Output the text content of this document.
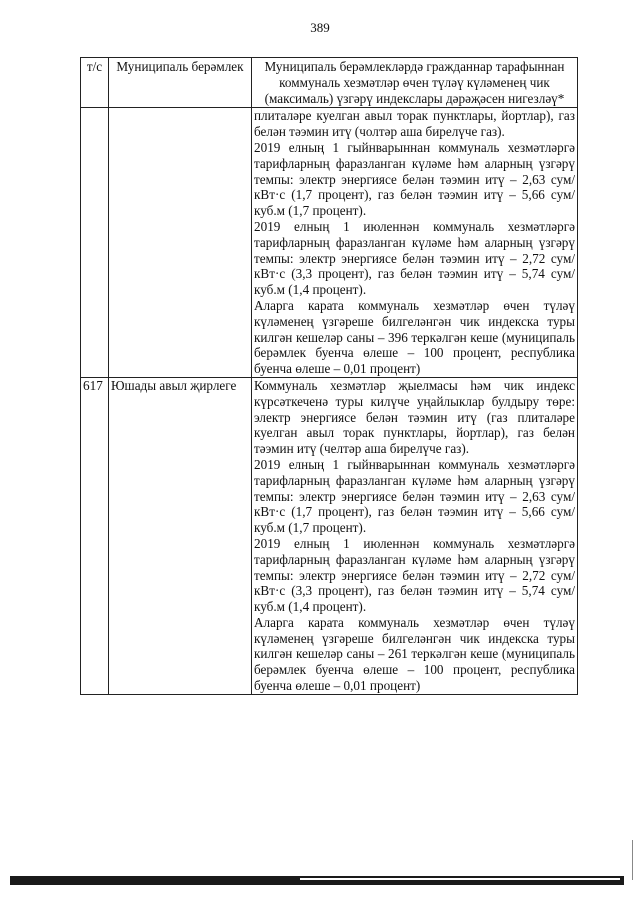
389
т/с	Муниципаль берәмлек	Муниципаль берәмлекләрдә гражданнар тарафыннан коммуналь хезмәтләр өчен түләү күләменең чик (максималь) үзгәрү индекслары дәрәҗәсен нигезләү*

		плиталәре куелган авыл торак пунктлары, йортлар), газ белән тәэмин итү (чолтәр аша бирелүче газ).

2019 елның 1 гыйнварыннан коммуналь хезмәтләргә тарифларның фаразланган күләме һәм аларның үзгәрү темпы: электр энергиясе белән тәэмин итү – 2,63 сум/кВт·с (1,7 процент), газ белән тәэмин итү – 5,66 сум/куб.м (1,7 процент).

2019 елның 1 июленнән коммуналь хезмәтләргә тарифларның фаразланган күләме һәм аларның үзгәрү темпы: электр энергиясе белән тәэмин итү – 2,72 сум/кВт·с (3,3 процент), газ белән тәэмин итү – 5,74 сум/куб.м (1,4 процент).

Аларга карата коммуналь хезмәтләр өчен түләү күләменең үзгәреше билгеләнгән чик индекска туры килгән кешеләр саны – 396 теркәлгән кеше (муниципаль берәмлек буенча өлеше – 100 процент, республика буенча өлеше – 0,01 процент)

617	Юшады авыл җирлеге	Коммуналь хезмәтләр җыелмасы һәм чик индекс күрсәткеченә туры килүче уңайлыклар булдыру төре: электр энергиясе белән тәэмин итү (газ плиталәре куелган авыл торак пунктлары, йортлар), газ белән тәэмин итү (челтәр аша бирелүче газ).

2019 елның 1 гыйнварыннан коммуналь хезмәтләргә тарифларның фаразланган күләме һәм аларның үзгәрү темпы: электр энергиясе белән тәэмин итү – 2,63 сум/кВт·с (1,7 процент), газ белән тәэмин итү – 5,66 сум/куб.м (1,7 процент).

2019 елның 1 июленнән коммуналь хезмәтләргә тарифларның фаразланган күләме һәм аларның үзгәрү темпы: электр энергиясе белән тәэмин итү – 2,72 сум/кВт·с (3,3 процент), газ белән тәэмин итү – 5,74 сум/куб.м (1,4 процент).

Аларга карата коммуналь хезмәтләр өчен түләү күләменең үзгәреше билгеләнгән чик индекска туры килгән кешеләр саны – 261 теркәлгән кеше (муниципаль берәмлек буенча өлеше – 100 процент, республика буенча өлеше – 0,01 процент)
